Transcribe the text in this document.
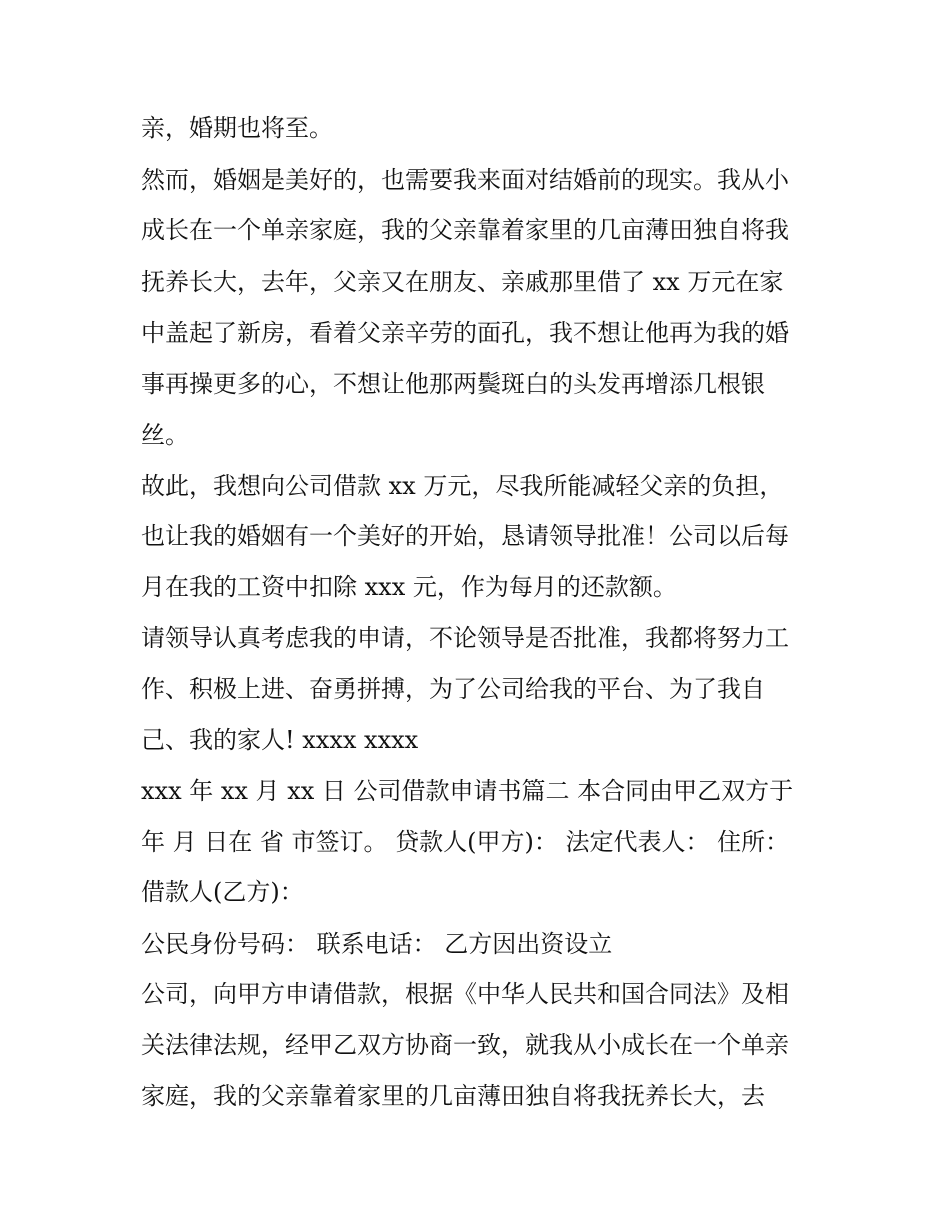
亲，婚期也将至。
然而，婚姻是美好的，也需要我来面对结婚前的现实。我从小
成长在一个单亲家庭，我的父亲靠着家里的几亩薄田独自将我
抚养长大，去年，父亲又在朋友、亲戚那里借了 xx 万元在家
中盖起了新房，看着父亲辛劳的面孔，我不想让他再为我的婚
事再操更多的心，不想让他那两鬓斑白的头发再增添几根银
丝。
故此，我想向公司借款 xx 万元，尽我所能减轻父亲的负担，
也让我的婚姻有一个美好的开始，恳请领导批准！公司以后每
月在我的工资中扣除 xxx 元，作为每月的还款额。
请领导认真考虑我的申请，不论领导是否批准，我都将努力工
作、积极上进、奋勇拼搏，为了公司给我的平台、为了我自
己、我的家人! xxxx xxxx
xxx 年 xx 月 xx 日 公司借款申请书篇二 本合同由甲乙双方于
年 月 日在 省 市签订。 贷款人(甲方)： 法定代表人： 住所：
借款人(乙方)：
公民身份号码： 联系电话： 乙方因出资设立
公司，向甲方申请借款，根据《中华人民共和国合同法》及相
关法律法规，经甲乙双方协商一致，就我从小成长在一个单亲
家庭，我的父亲靠着家里的几亩薄田独自将我抚养长大，去
